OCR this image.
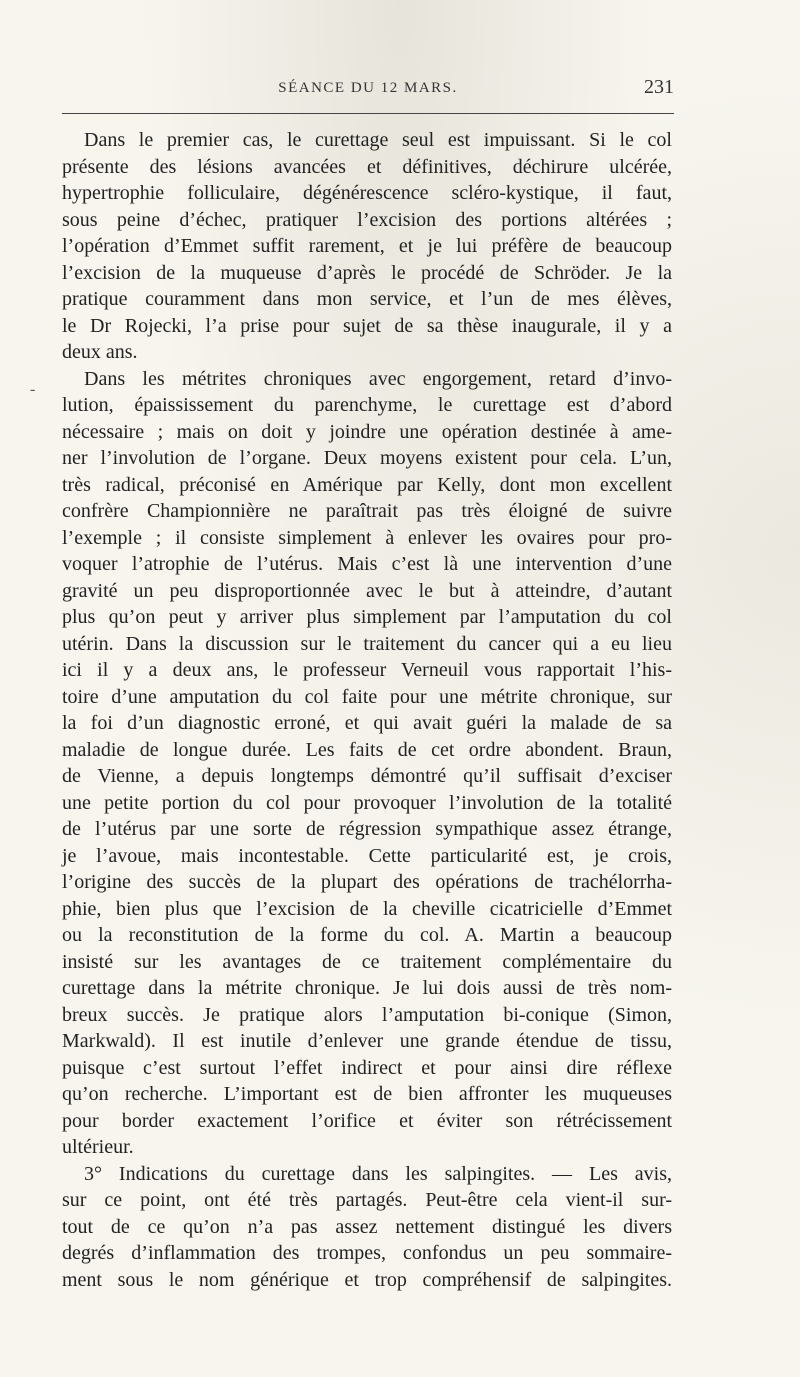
SÉANCE DU 12 MARS.	231
-
Dans le premier cas, le curettage seul est impuissant. Si le col
présente des lésions avancées et définitives, déchirure ulcérée,
hypertrophie folliculaire, dégénérescence scléro-kystique, il faut,
sous peine d’échec, pratiquer l’excision des portions altérées ;
l’opération d’Emmet suffit rarement, et je lui préfère de beaucoup
l’excision de la muqueuse d’après le procédé de Schröder. Je la
pratique couramment dans mon service, et l’un de mes élèves,
le Dr Rojecki, l’a prise pour sujet de sa thèse inaugurale, il y a
deux ans.
Dans les métrites chroniques avec engorgement, retard d’invo-
lution, épaississement du parenchyme, le curettage est d’abord
nécessaire ; mais on doit y joindre une opération destinée à ame-
ner l’involution de l’organe. Deux moyens existent pour cela. L’un,
très radical, préconisé en Amérique par Kelly, dont mon excellent
confrère Championnière ne paraîtrait pas très éloigné de suivre
l’exemple ; il consiste simplement à enlever les ovaires pour pro-
voquer l’atrophie de l’utérus. Mais c’est là une intervention d’une
gravité un peu disproportionnée avec le but à atteindre, d’autant
plus qu’on peut y arriver plus simplement par l’amputation du col
utérin. Dans la discussion sur le traitement du cancer qui a eu lieu
ici il y a deux ans, le professeur Verneuil vous rapportait l’his-
toire d’une amputation du col faite pour une métrite chronique, sur
la foi d’un diagnostic erroné, et qui avait guéri la malade de sa
maladie de longue durée. Les faits de cet ordre abondent. Braun,
de Vienne, a depuis longtemps démontré qu’il suffisait d’exciser
une petite portion du col pour provoquer l’involution de la totalité
de l’utérus par une sorte de régression sympathique assez étrange,
je l’avoue, mais incontestable. Cette particularité est, je crois,
l’origine des succès de la plupart des opérations de trachélorrha-
phie, bien plus que l’excision de la cheville cicatricielle d’Emmet
ou la reconstitution de la forme du col. A. Martin a beaucoup
insisté sur les avantages de ce traitement complémentaire du
curettage dans la métrite chronique. Je lui dois aussi de très nom-
breux succès. Je pratique alors l’amputation bi-conique (Simon,
Markwald). Il est inutile d’enlever une grande étendue de tissu,
puisque c’est surtout l’effet indirect et pour ainsi dire réflexe
qu’on recherche. L’important est de bien affronter les muqueuses
pour border exactement l’orifice et éviter son rétrécissement
ultérieur.
3° Indications du curettage dans les salpingites. — Les avis,
sur ce point, ont été très partagés. Peut-être cela vient-il sur-
tout de ce qu’on n’a pas assez nettement distingué les divers
degrés d’inflammation des trompes, confondus un peu sommaire-
ment sous le nom générique et trop compréhensif de salpingites.
